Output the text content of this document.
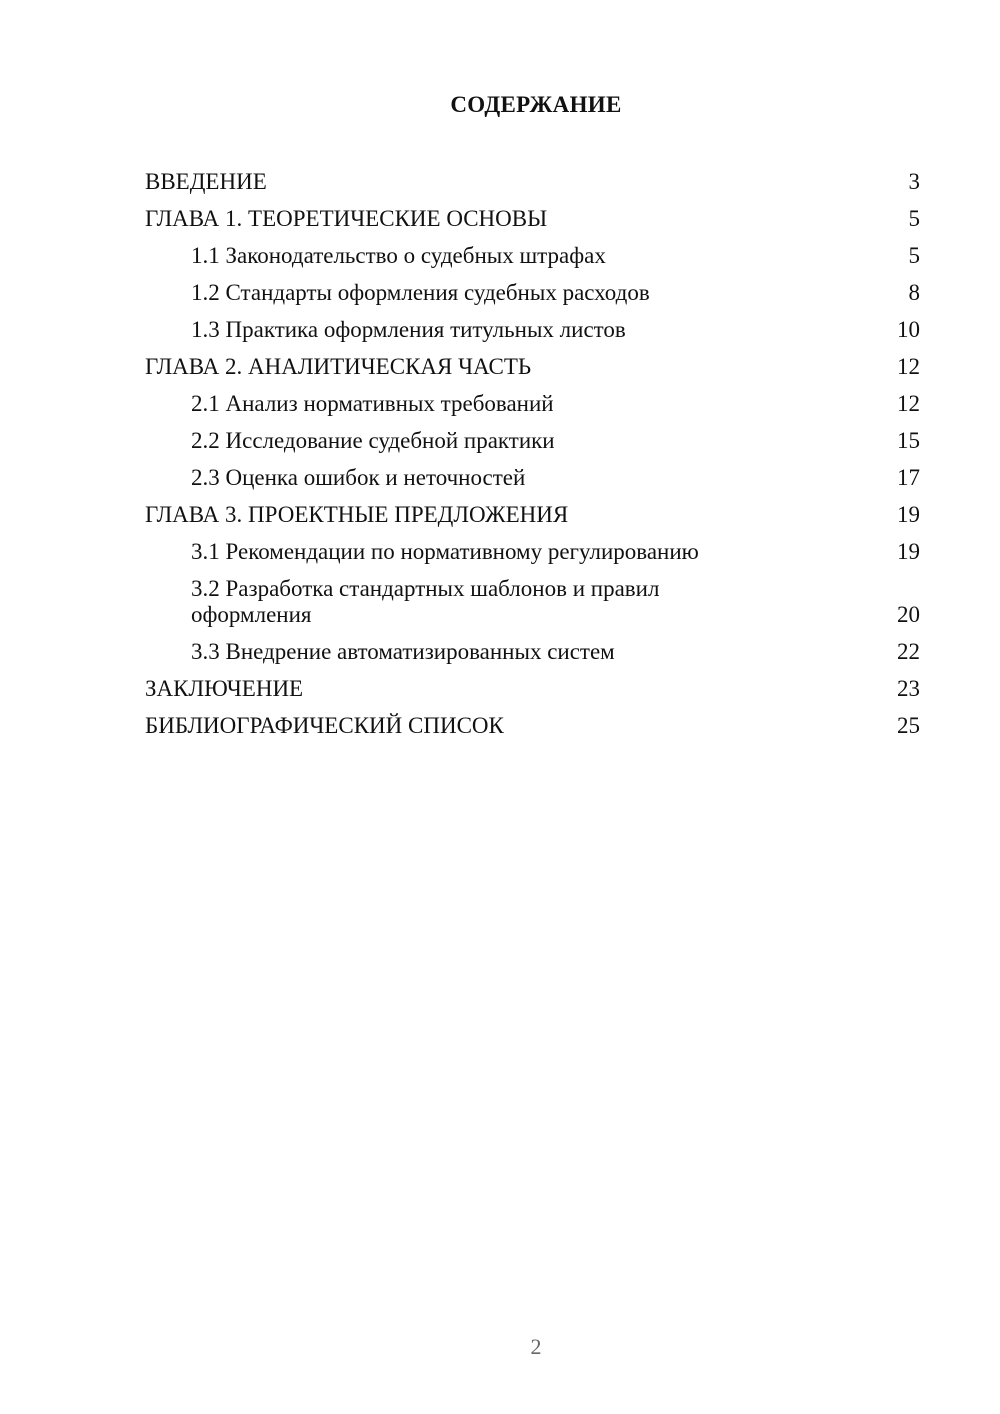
СОДЕРЖАНИЕ
ВВЕДЕНИЕ	3
ГЛАВА 1. ТЕОРЕТИЧЕСКИЕ ОСНОВЫ	5
1.1 Законодательство о судебных штрафах	5
1.2 Стандарты оформления судебных расходов	8
1.3 Практика оформления титульных листов	10
ГЛАВА 2. АНАЛИТИЧЕСКАЯ ЧАСТЬ	12
2.1 Анализ нормативных требований	12
2.2 Исследование судебной практики	15
2.3 Оценка ошибок и неточностей	17
ГЛАВА 3. ПРОЕКТНЫЕ ПРЕДЛОЖЕНИЯ	19
3.1 Рекомендации по нормативному регулированию	19
3.2 Разработка стандартных шаблонов и правил оформления	20
3.3 Внедрение автоматизированных систем	22
ЗАКЛЮЧЕНИЕ	23
БИБЛИОГРАФИЧЕСКИЙ СПИСОК	25
2
